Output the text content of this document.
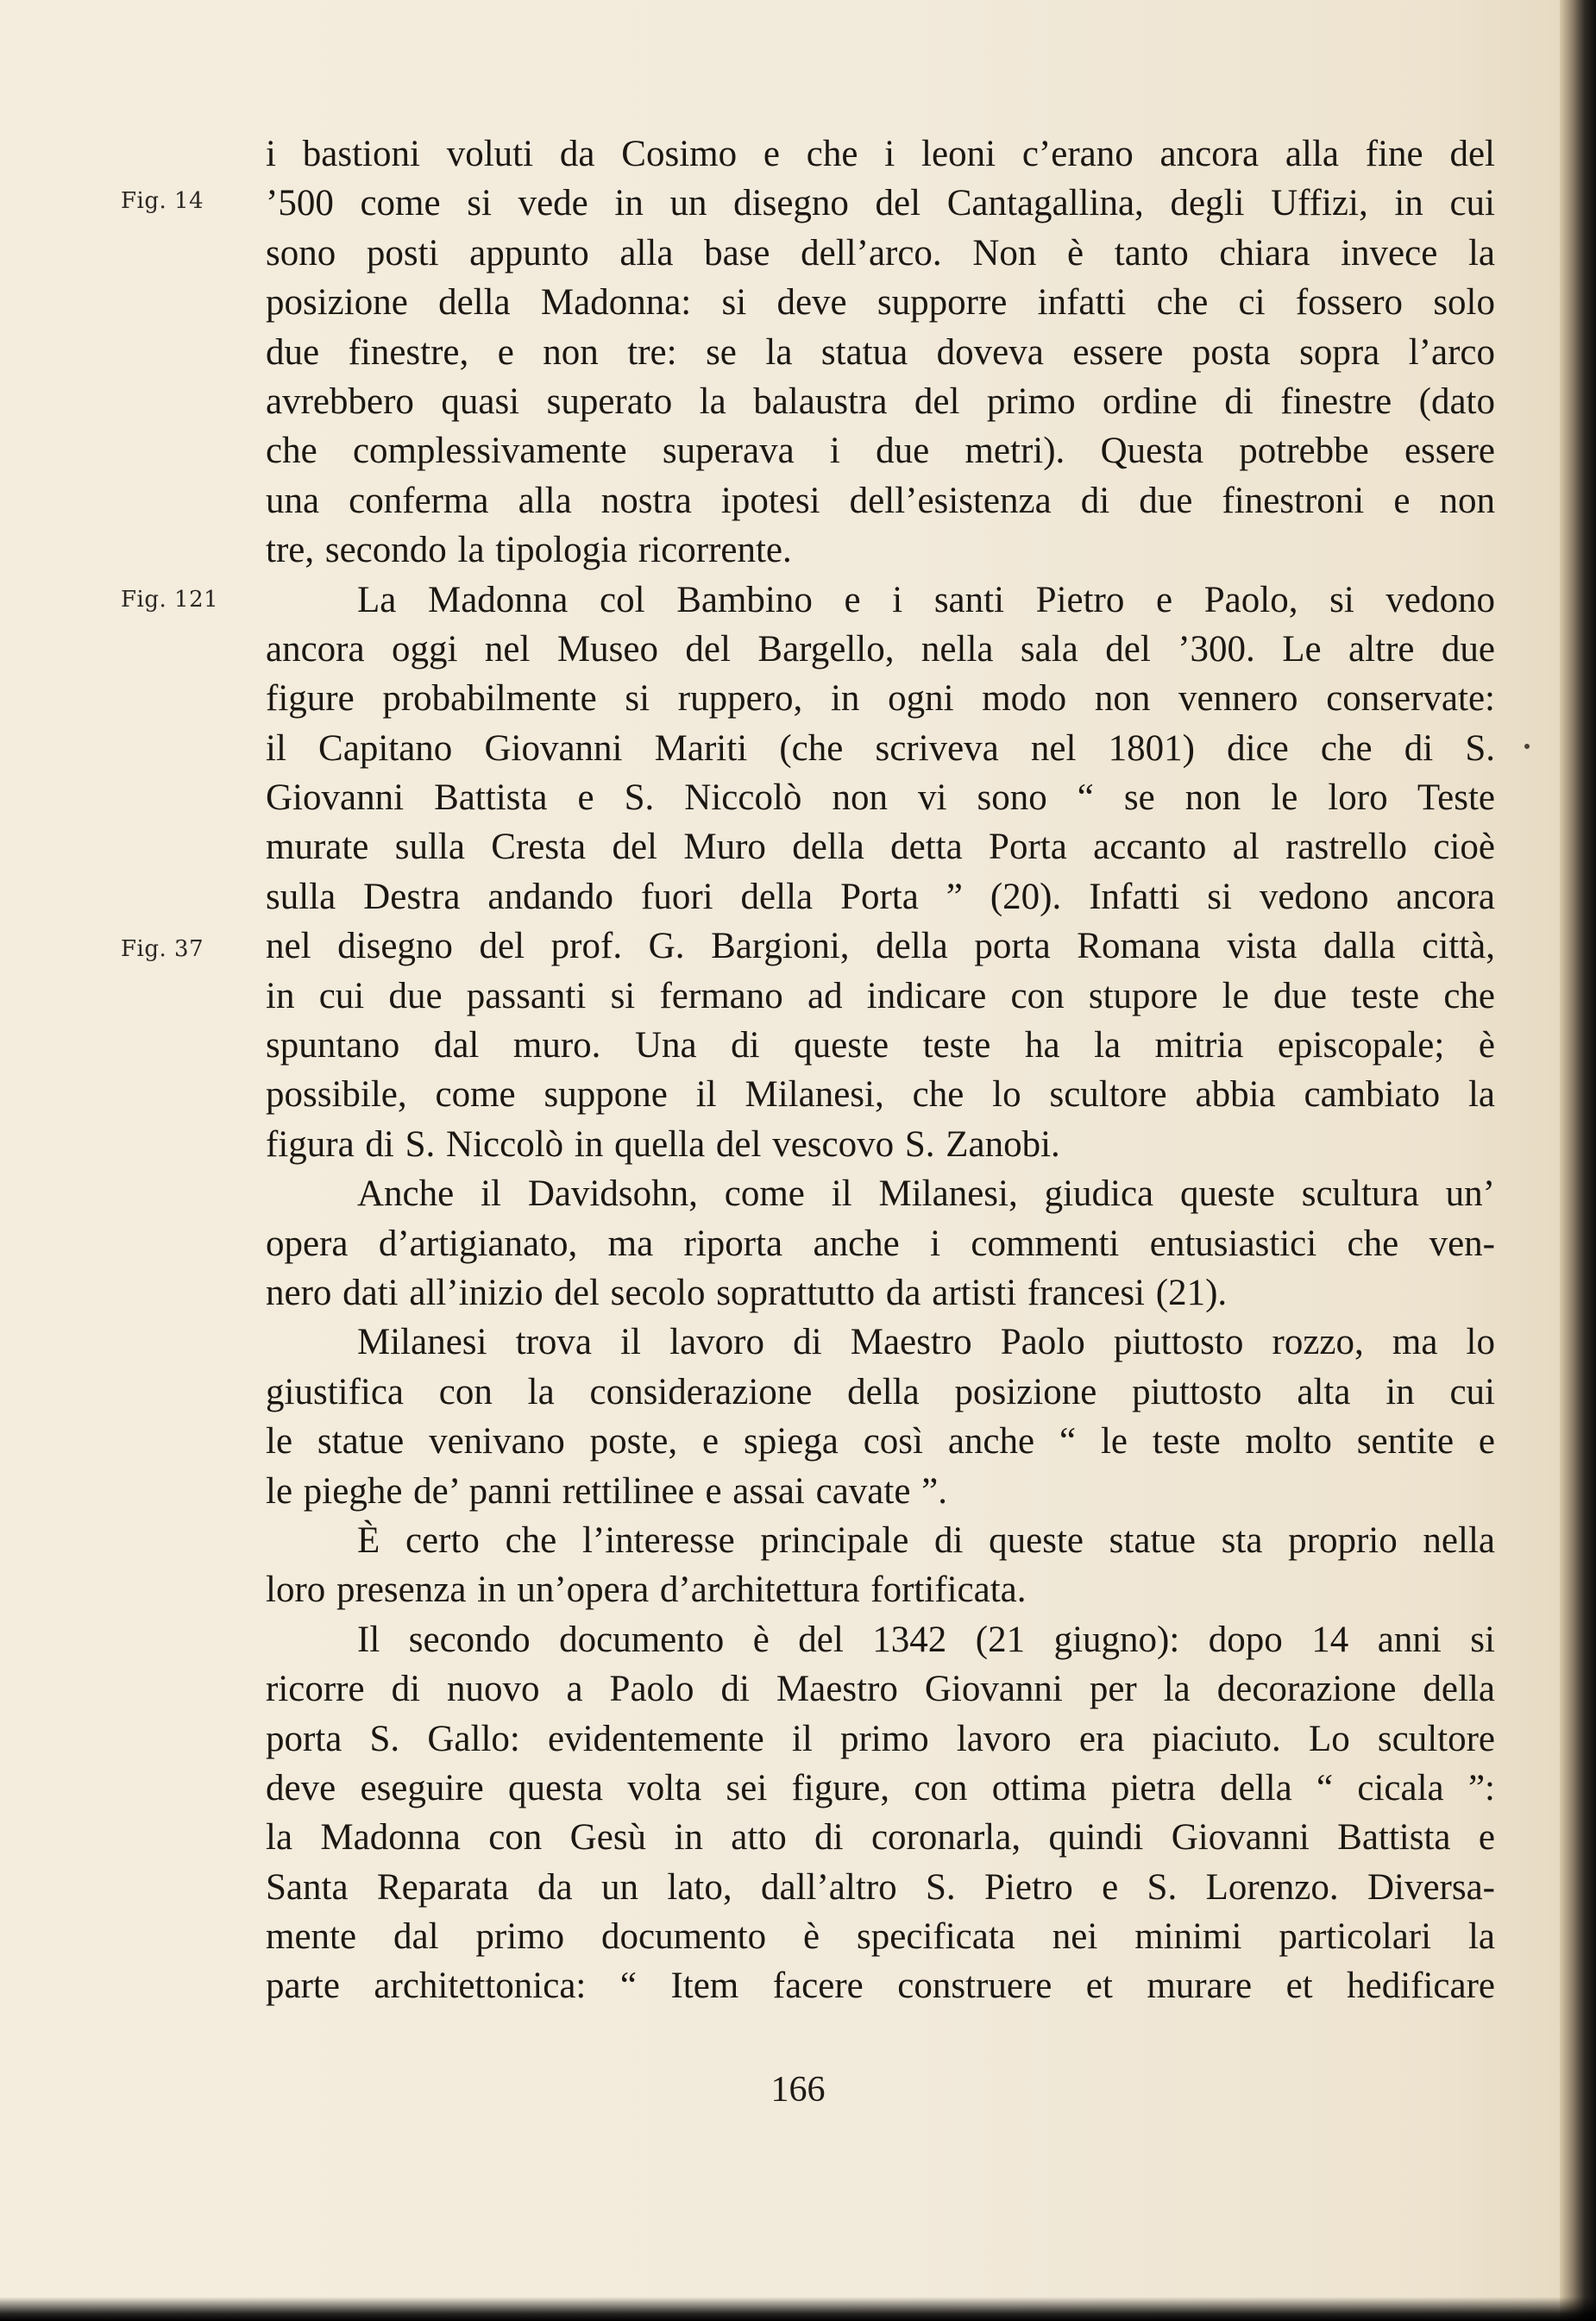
Fig. 14
Fig. 121
Fig. 37
i bastioni voluti da Cosimo e che i leoni c’erano ancora alla fine del
’500 come si vede in un disegno del Cantagallina, degli Uffizi, in cui
sono posti appunto alla base dell’arco. Non è tanto chiara invece la
posizione della Madonna: si deve supporre infatti che ci fossero solo
due finestre, e non tre: se la statua doveva essere posta sopra l’arco
avrebbero quasi superato la balaustra del primo ordine di finestre (dato
che complessivamente superava i due metri). Questa potrebbe essere
una conferma alla nostra ipotesi dell’esistenza di due finestroni e non
tre, secondo la tipologia ricorrente.
La Madonna col Bambino e i santi Pietro e Paolo, si vedono
ancora oggi nel Museo del Bargello, nella sala del ’300. Le altre due
figure probabilmente si ruppero, in ogni modo non vennero conservate:
il Capitano Giovanni Mariti (che scriveva nel 1801) dice che di S.
Giovanni Battista e S. Niccolò non vi sono “ se non le loro Teste
murate sulla Cresta del Muro della detta Porta accanto al rastrello cioè
sulla Destra andando fuori della Porta ” (20). Infatti si vedono ancora
nel disegno del prof. G. Bargioni, della porta Romana vista dalla città,
in cui due passanti si fermano ad indicare con stupore le due teste che
spuntano dal muro. Una di queste teste ha la mitria episcopale; è
possibile, come suppone il Milanesi, che lo scultore abbia cambiato la
figura di S. Niccolò in quella del vescovo S. Zanobi.
Anche il Davidsohn, come il Milanesi, giudica queste scultura un’
opera d’artigianato, ma riporta anche i commenti entusiastici che ven-
nero dati all’inizio del secolo soprattutto da artisti francesi (21).
Milanesi trova il lavoro di Maestro Paolo piuttosto rozzo, ma lo
giustifica con la considerazione della posizione piuttosto alta in cui
le statue venivano poste, e spiega così anche “ le teste molto sentite e
le pieghe de’ panni rettilinee e assai cavate ”.
È certo che l’interesse principale di queste statue sta proprio nella
loro presenza in un’opera d’architettura fortificata.
Il secondo documento è del 1342 (21 giugno): dopo 14 anni si
ricorre di nuovo a Paolo di Maestro Giovanni per la decorazione della
porta S. Gallo: evidentemente il primo lavoro era piaciuto. Lo scultore
deve eseguire questa volta sei figure, con ottima pietra della “ cicala ”:
la Madonna con Gesù in atto di coronarla, quindi Giovanni Battista e
Santa Reparata da un lato, dall’altro S. Pietro e S. Lorenzo. Diversa-
mente dal primo documento è specificata nei minimi particolari la
parte architettonica: “ Item facere construere et murare et hedificare
166
